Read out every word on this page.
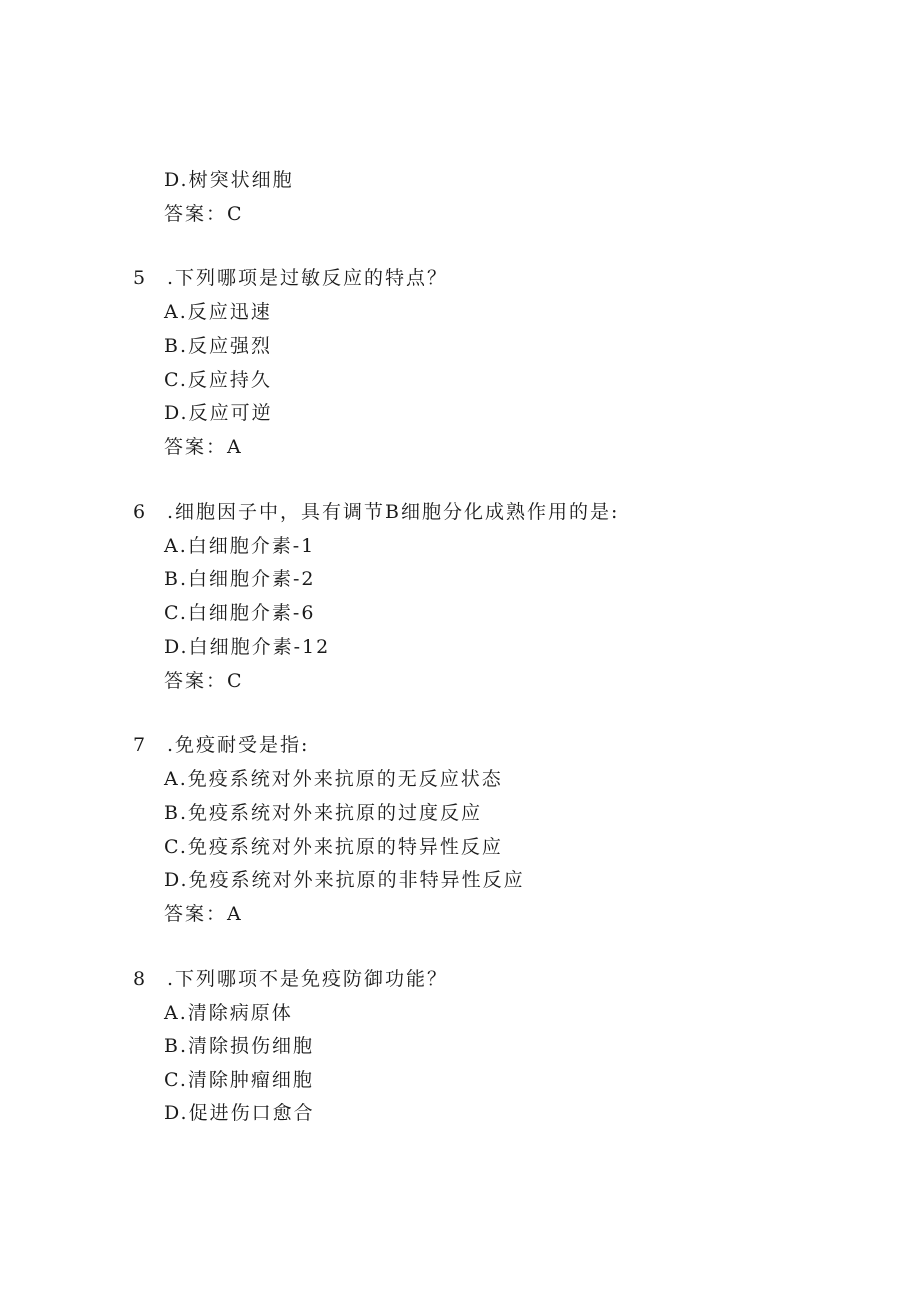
D.树突状细胞
答案：C
5 .下列哪项是过敏反应的特点？
A.反应迅速
B.反应强烈
C.反应持久
D.反应可逆
答案：A
6 .细胞因子中，具有调节B细胞分化成熟作用的是:
A.白细胞介素-1
B.白细胞介素-2
C.白细胞介素-6
D.白细胞介素-12
答案：C
7 .免疫耐受是指:
A.免疫系统对外来抗原的无反应状态
B.免疫系统对外来抗原的过度反应
C.免疫系统对外来抗原的特异性反应
D.免疫系统对外来抗原的非特异性反应
答案：A
8 .下列哪项不是免疫防御功能？
A.清除病原体
B.清除损伤细胞
C.清除肿瘤细胞
D.促进伤口愈合
